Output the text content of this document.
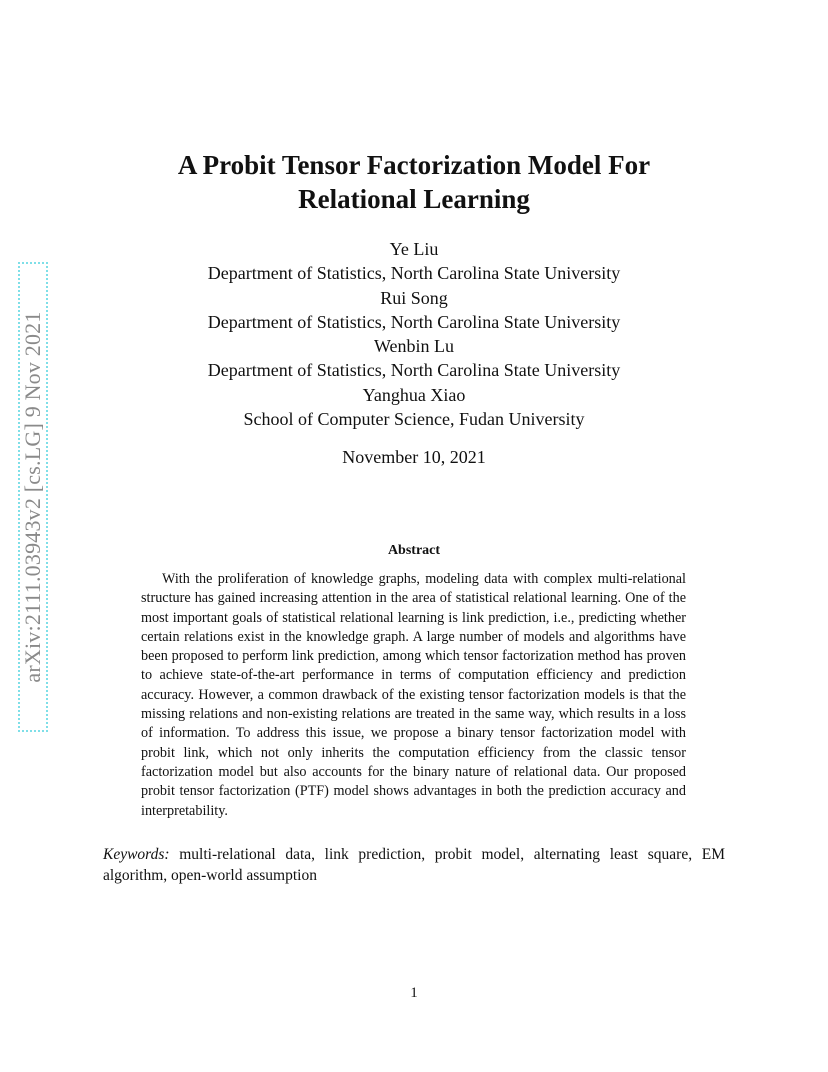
arXiv:2111.03943v2 [cs.LG] 9 Nov 2021
A Probit Tensor Factorization Model For
Relational Learning
Ye Liu
Department of Statistics, North Carolina State University
Rui Song
Department of Statistics, North Carolina State University
Wenbin Lu
Department of Statistics, North Carolina State University
Yanghua Xiao
School of Computer Science, Fudan University
November 10, 2021
Abstract
With the proliferation of knowledge graphs, modeling data with complex multi-relational structure has gained increasing attention in the area of statistical relational learning. One of the most important goals of statistical relational learning is link prediction, i.e., predicting whether certain relations exist in the knowledge graph. A large number of models and algorithms have been proposed to perform link prediction, among which tensor factorization method has proven to achieve state-of-the-art performance in terms of computation efficiency and prediction accuracy. However, a common drawback of the existing tensor factorization models is that the missing relations and non-existing relations are treated in the same way, which results in a loss of information. To address this issue, we propose a binary tensor factorization model with probit link, which not only inherits the computation efficiency from the classic tensor factorization model but also accounts for the binary nature of relational data. Our proposed probit tensor factorization (PTF) model shows advantages in both the prediction accuracy and interpretability.
Keywords: multi-relational data, link prediction, probit model, alternating least square, EM algorithm, open-world assumption
1
